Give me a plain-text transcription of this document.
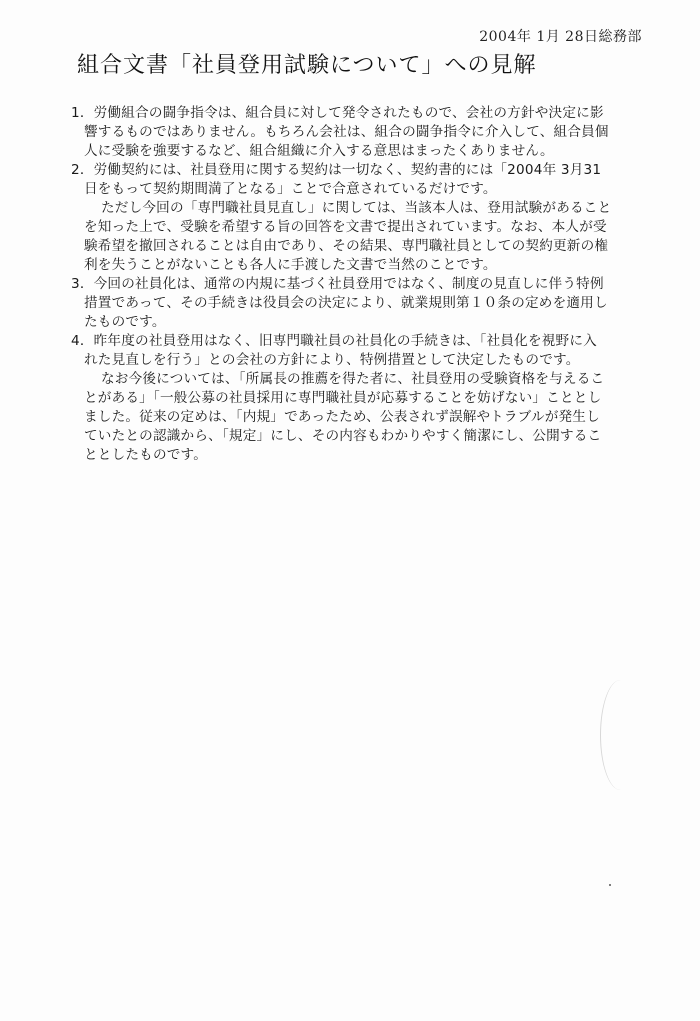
2004年 1月 28日総務部
組合文書「社員登用試験について」への見解
1．労働組合の闘争指令は、組合員に対して発令されたもので、会社の方針や決定に影
響するものではありません。もちろん会社は、組合の闘争指令に介入して、組合員個
人に受験を強要するなど、組合組織に介入する意思はまったくありません。
2．労働契約には、社員登用に関する契約は一切なく、契約書的には「2004年 3月31
日をもって契約期間満了となる」ことで合意されているだけです。
ただし今回の「専門職社員見直し」に関しては、当該本人は、登用試験があること
を知った上で、受験を希望する旨の回答を文書で提出されています。なお、本人が受
験希望を撤回されることは自由であり、その結果、専門職社員としての契約更新の権
利を失うことがないことも各人に手渡した文書で当然のことです。
3．今回の社員化は、通常の内規に基づく社員登用ではなく、制度の見直しに伴う特例
措置であって、その手続きは役員会の決定により、就業規則第１０条の定めを適用し
たものです。
4．昨年度の社員登用はなく、旧専門職社員の社員化の手続きは、「社員化を視野に入
れた見直しを行う」との会社の方針により、特例措置として決定したものです。
なお今後については、「所属長の推薦を得た者に、社員登用の受験資格を与えるこ
とがある」「一般公募の社員採用に専門職社員が応募することを妨げない」こととし
ました。従来の定めは、「内規」であったため、公表されず誤解やトラブルが発生し
ていたとの認識から、「規定」にし、その内容もわかりやすく簡潔にし、公開するこ
ととしたものです。
